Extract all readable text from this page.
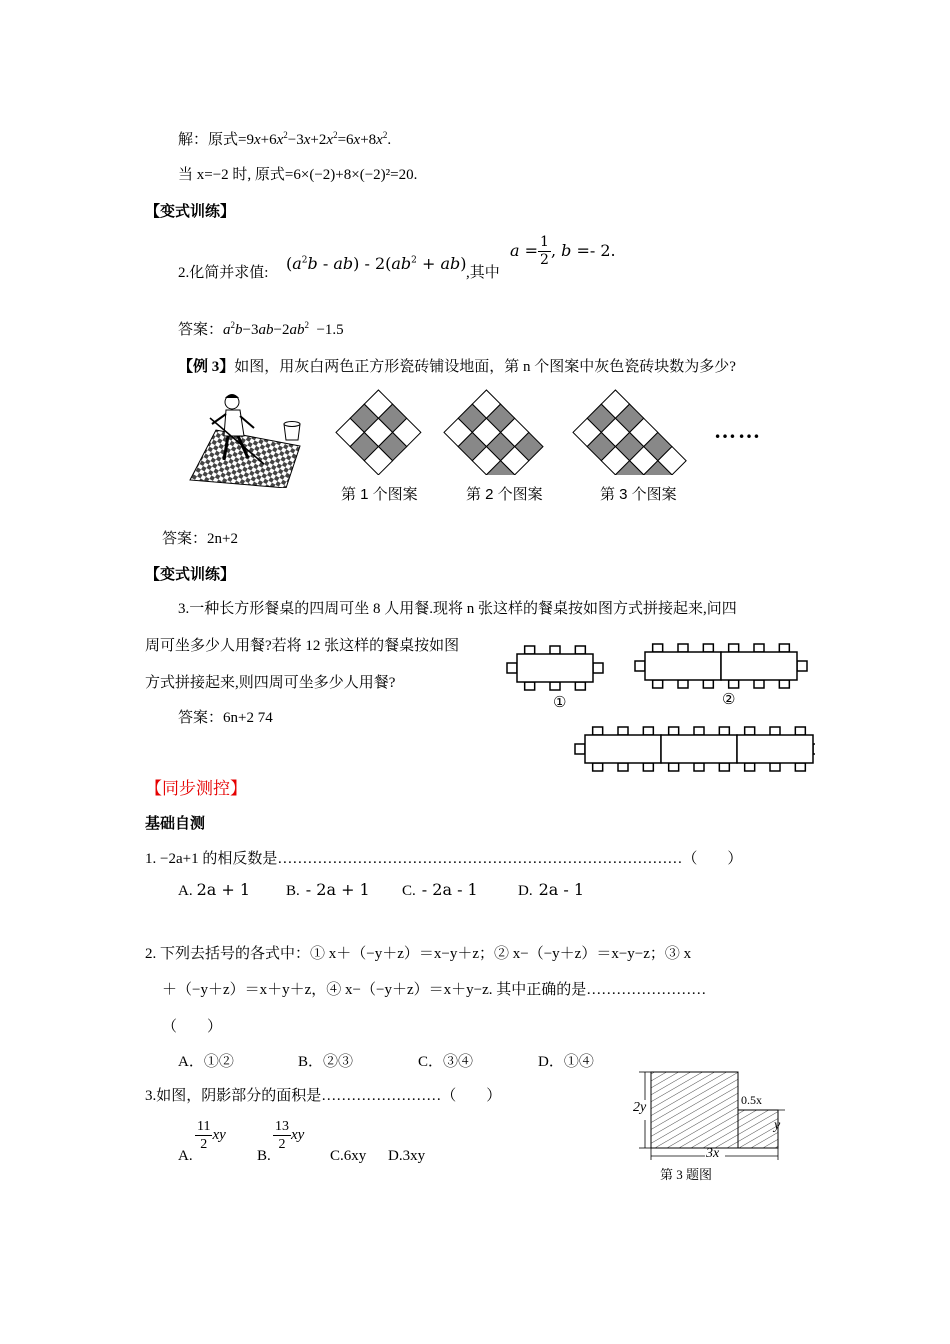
解：原式$=9x+6x^2-3x+2x^2=6x+8x^2$.
当 x=−2 时, 原式=6×(−2)+8×(−2)²=20.
【变式训练】
2.化简并求值: $(a^2b - ab) - 2(ab^2 + ab)$ ,其中
$a = \frac{1}{2}$ , b =- 2.
答案：$a^2b-3ab-2ab^2 -1.5$
【例 3】如图，用灰白两色正方形瓷砖铺设地面，第 n 个图案中灰色瓷砖块数为多少?
……
第 1 个图案	第 2 个图案	第 3 个图案
答案：2n+2
【变式训练】
3.一种长方形餐桌的四周可坐 8 人用餐.现将 n 张这样的餐桌按如图方式拼接起来,问四
周可坐多少人用餐?若将 12 张这样的餐桌按如图
方式拼接起来,则四周可坐多少人用餐?
答案：6n+2 74
①	②
【同步测控】
基础自测
1. −2a+1 的相反数是………………………………………………………………………（　　）
A. 2a + 1 B. - 2a + 1 C. - 2a - 1	D. 2a - 1
2. 下列去括号的各式中：① x＋（−y＋z）＝x−y＋z；② x−（−y＋z）＝x−y−z；③ x
＋（−y＋z）＝x＋y＋z，④ x−（−y＋z）＝x＋y−z. 其中正确的是……………………
（　　）
A．①②	B．②③	C．③④	D．①④
3.如图，阴影部分的面积是……………………（　　）
A.
$\frac{11}{2}$ xy
B.
$\frac{13}{2}$ xy
C.6xy D.3xy
2y	0.5x
y
3x
第 3 题图
